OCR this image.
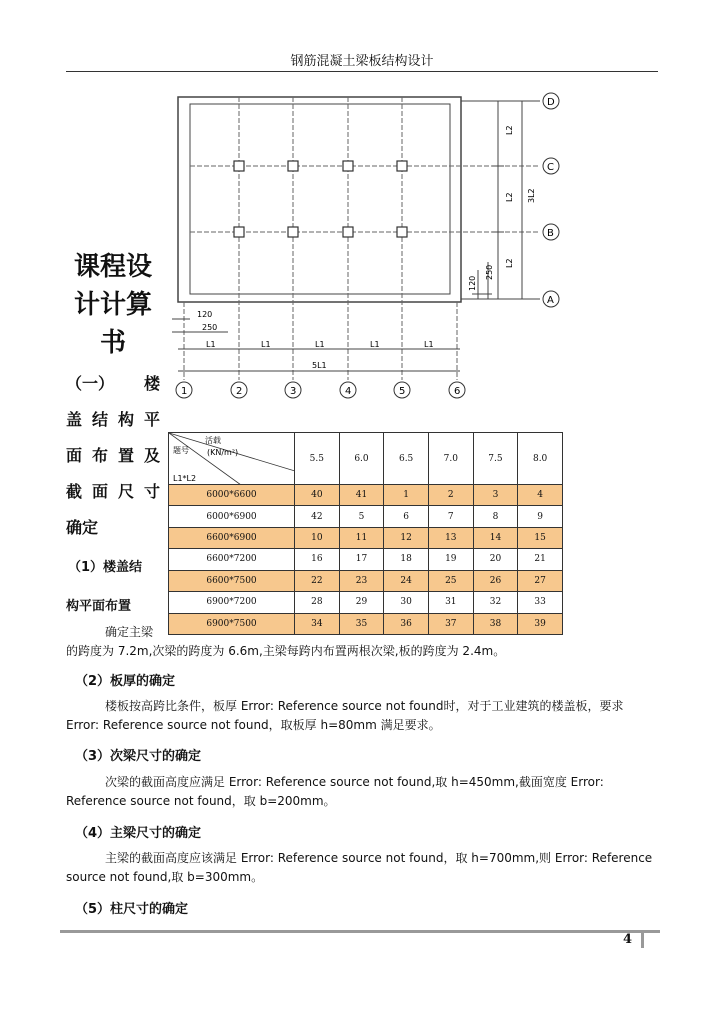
钢筋混凝土梁板结构设计
L2
L2
L2
3L2
120
250
D
C
B
A
120
250
L1	L1	L1	L1	L1
5L1
1	2	3	4	5	6
课程设
计计算
书
（一） 楼
盖 结 构 平
面 布 置 及
截 面 尺 寸
确定
（1）楼盖结
构平面布置
活载
(KN/m²)
题号
L1*L2	5.5	6.0	6.5	7.0	7.5	8.0
6000*6600	40	41	1	2	3	4
6000*6900	42	5	6	7	8	9
6600*6900	10	11	12	13	14	15
6600*7200	16	17	18	19	20	21
6600*7500	22	23	24	25	26	27
6900*7200	28	29	30	31	32	33
6900*7500	34	35	36	37	38	39
确定主梁
的跨度为 7.2m,次梁的跨度为 6.6m,主梁每跨内布置两根次梁,板的跨度为 2.4m。
（2）板厚的确定
楼板按高跨比条件，板厚 Error: Reference source not found时，对于工业建筑的楼盖板，要求 Error: Reference source not found，取板厚 h=80mm 满足要求。
（3）次梁尺寸的确定
次梁的截面高度应满足 Error: Reference source not found,取 h=450mm,截面宽度 Error: Reference source not found，取 b=200mm。
（4）主梁尺寸的确定
主梁的截面高度应该满足 Error: Reference source not found，取 h=700mm,则 Error: Reference source not found,取 b=300mm。
（5）柱尺寸的确定
4
